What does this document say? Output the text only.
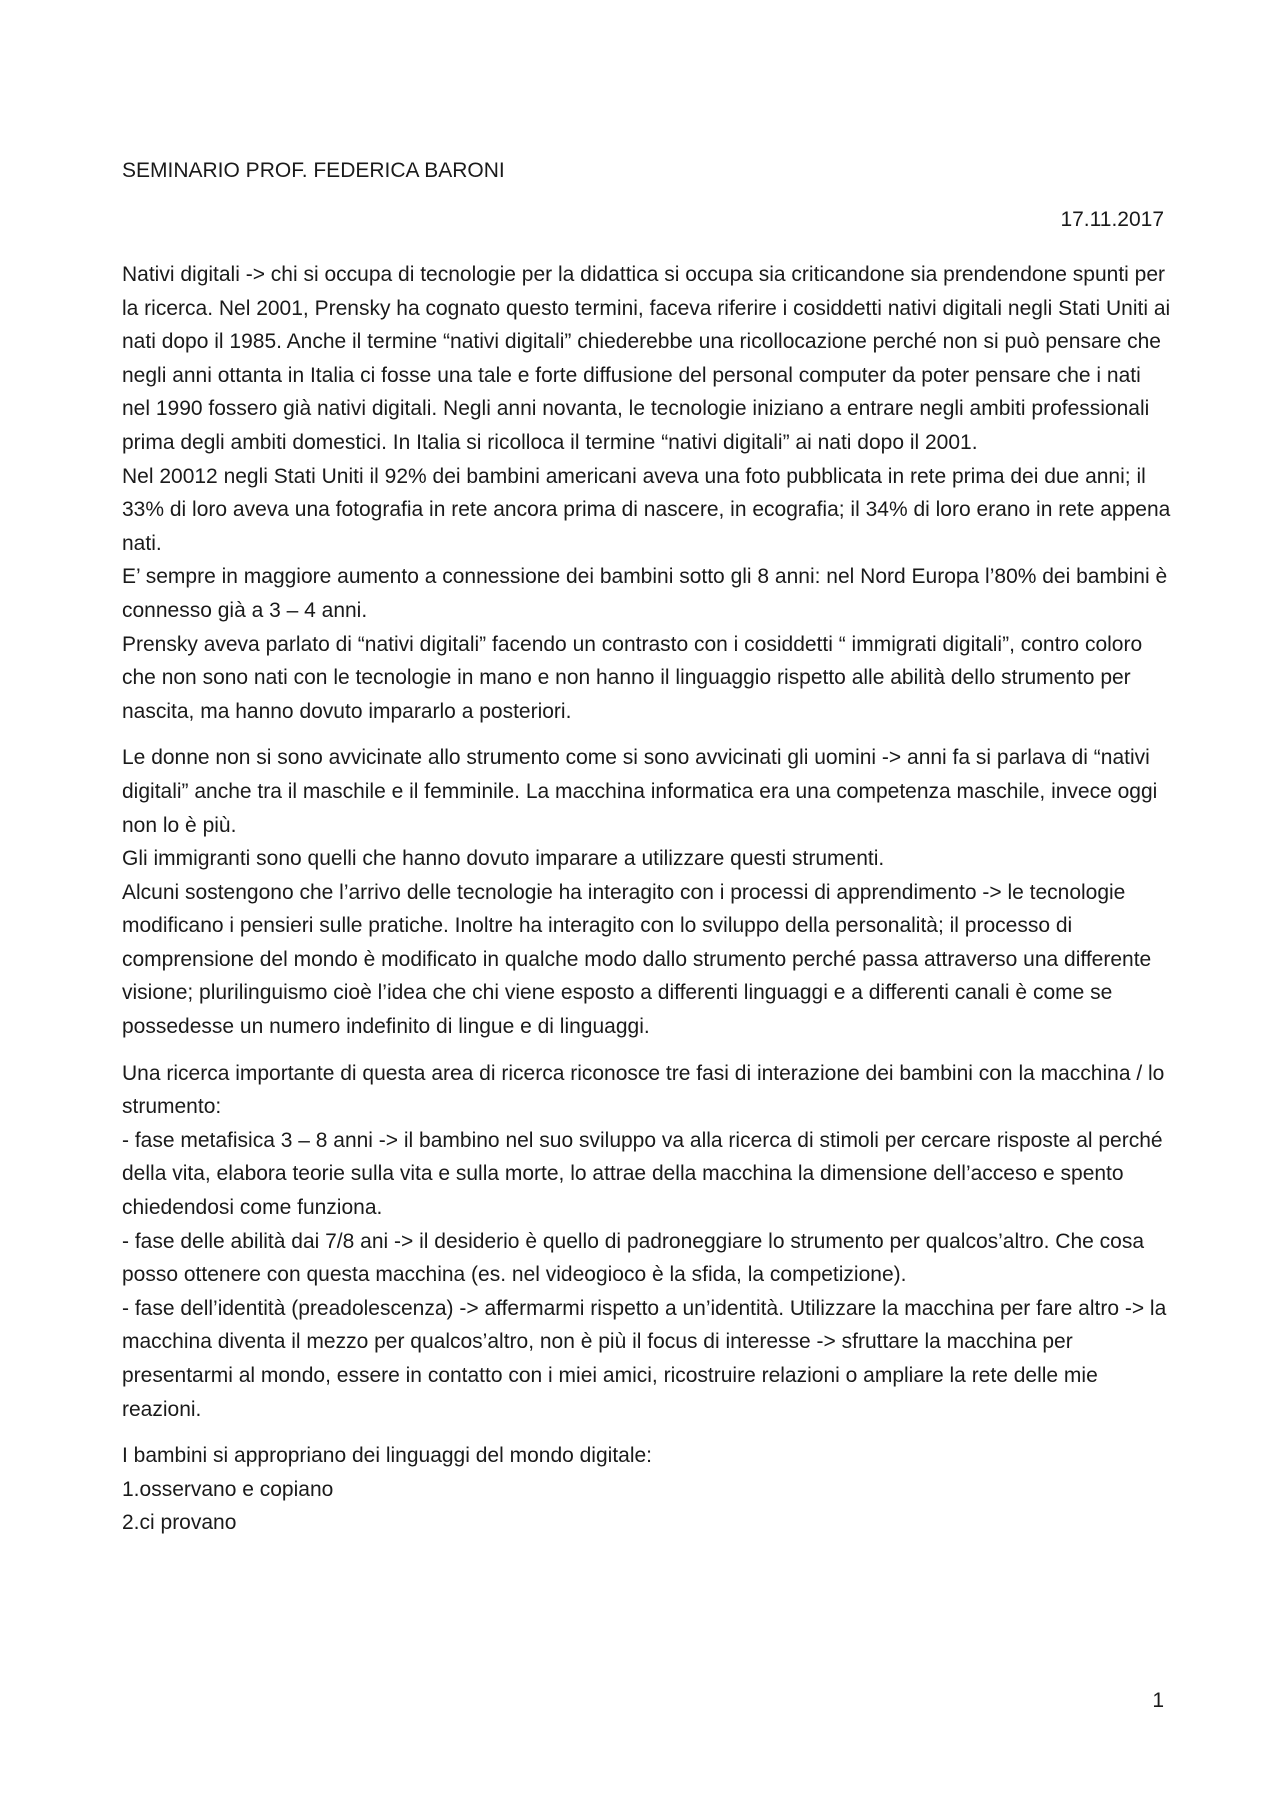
SEMINARIO PROF. FEDERICA BARONI
17.11.2017

Nativi digitali -> chi si occupa di tecnologie per la didattica si occupa sia criticandone sia prendendone spunti per la ricerca. Nel 2001, Prensky ha cognato questo termini, faceva riferire i cosiddetti nativi digitali negli Stati Uniti ai nati dopo il 1985. Anche il termine “nativi digitali” chiederebbe una ricollocazione perché non si può pensare che negli anni ottanta in Italia ci fosse una tale e forte diffusione del personal computer da poter pensare che i nati nel 1990 fossero già nativi digitali. Negli anni novanta, le tecnologie iniziano a entrare negli ambiti professionali prima degli ambiti domestici. In Italia si ricolloca il termine “nativi digitali” ai nati dopo il 2001.

Nel 20012 negli Stati Uniti il 92% dei bambini americani aveva una foto pubblicata in rete prima dei due anni; il 33% di loro aveva una fotografia in rete ancora prima di nascere, in ecografia; il 34% di loro erano in rete appena nati.

E’ sempre in maggiore aumento a connessione dei bambini sotto gli 8 anni: nel Nord Europa l’80% dei bambini è connesso già a 3 – 4 anni.

Prensky aveva parlato di “nativi digitali” facendo un contrasto con i cosiddetti “ immigrati digitali”, contro coloro che non sono nati con le tecnologie in mano e non hanno il linguaggio rispetto alle abilità dello strumento per nascita, ma hanno dovuto impararlo a posteriori.

Le donne non si sono avvicinate allo strumento come si sono avvicinati gli uomini -> anni fa si parlava di “nativi digitali” anche tra il maschile e il femminile. La macchina informatica era una competenza maschile, invece oggi non lo è più.

Gli immigranti sono quelli che hanno dovuto imparare a utilizzare questi strumenti.

Alcuni sostengono che l’arrivo delle tecnologie ha interagito con i processi di apprendimento -> le tecnologie modificano i pensieri sulle pratiche. Inoltre ha interagito con lo sviluppo della personalità; il processo di comprensione del mondo è modificato in qualche modo dallo strumento perché passa attraverso una differente visione; plurilinguismo cioè l’idea che chi viene esposto a differenti linguaggi e a differenti canali è come se possedesse un numero indefinito di lingue e di linguaggi.

Una ricerca importante di questa area di ricerca riconosce tre fasi di interazione dei bambini con la macchina / lo strumento:

- fase metafisica 3 – 8 anni -> il bambino nel suo sviluppo va alla ricerca di stimoli per cercare risposte al perché della vita, elabora teorie sulla vita e sulla morte, lo attrae della macchina la dimensione dell’acceso e spento chiedendosi come funziona.

- fase delle abilità dai 7/8 ani -> il desiderio è quello di padroneggiare lo strumento per qualcos’altro. Che cosa posso ottenere con questa macchina (es. nel videogioco è la sfida, la competizione).

- fase dell’identità (preadolescenza) -> affermarmi rispetto a un’identità. Utilizzare la macchina per fare altro -> la macchina diventa il mezzo per qualcos’altro, non è più il focus di interesse -> sfruttare la macchina per presentarmi al mondo, essere in contatto con i miei amici, ricostruire relazioni o ampliare la rete delle mie reazioni.

I bambini si appropriano dei linguaggi del mondo digitale:

1.osservano e copiano

2.ci provano

1
